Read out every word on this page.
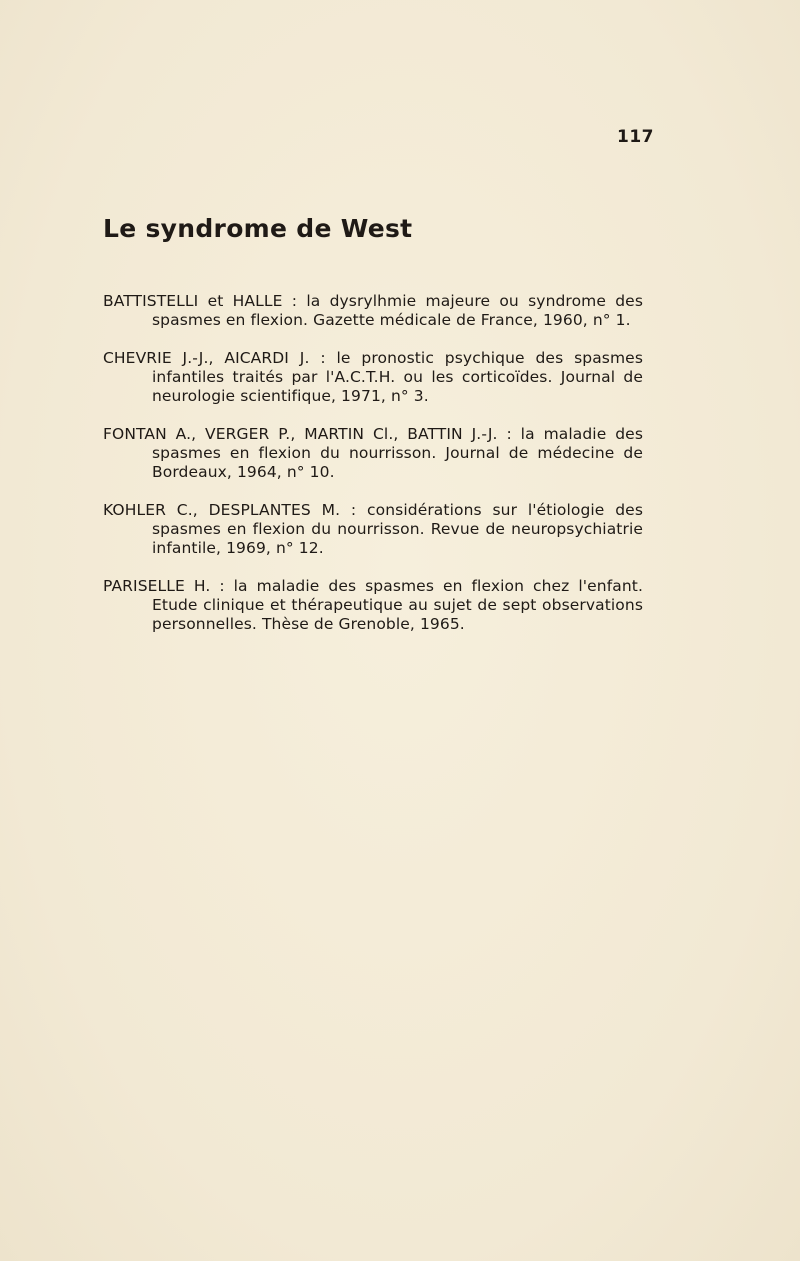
117
Le syndrome de West
BATTISTELLI et HALLE : la dysrylhmie majeure ou syndrome des spasmes en flexion. Gazette médicale de France, 1960, n° 1.
CHEVRIE J.-J., AICARDI J. : le pronostic psychique des spasmes infantiles traités par l'A.C.T.H. ou les corticoïdes. Journal de neurologie scientifique, 1971, n° 3.
FONTAN A., VERGER P., MARTIN Cl., BATTIN J.-J. : la maladie des spasmes en flexion du nourrisson. Journal de médecine de Bordeaux, 1964, n° 10.
KOHLER C., DESPLANTES M. : considérations sur l'étiologie des spasmes en flexion du nourrisson. Revue de neuropsychiatrie infantile, 1969, n° 12.
PARISELLE H. : la maladie des spasmes en flexion chez l'enfant. Etude clinique et thérapeutique au sujet de sept observations personnelles. Thèse de Grenoble, 1965.
